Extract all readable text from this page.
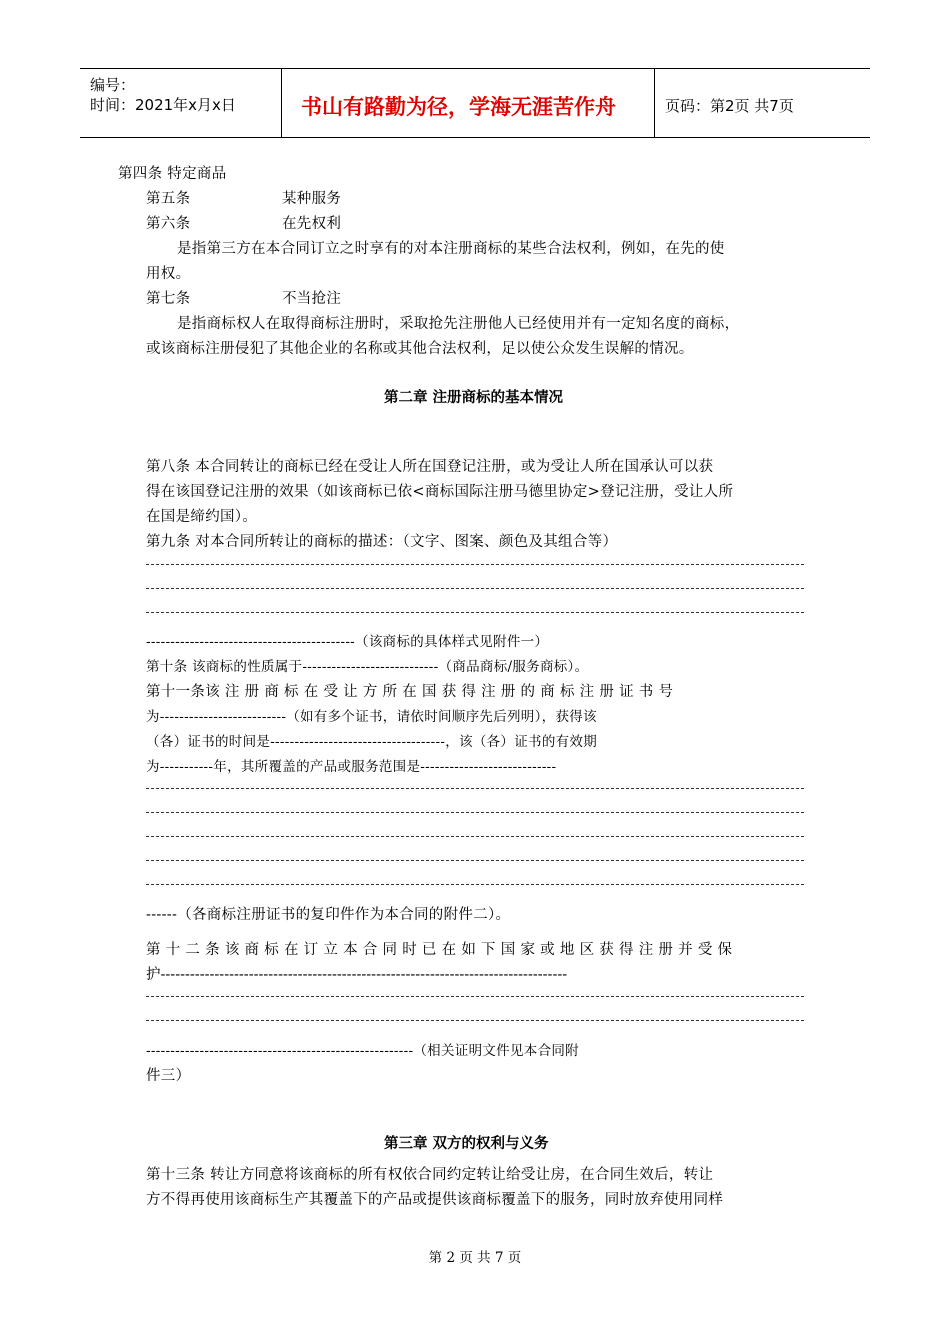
编号：
时间：2021年x月x日	书山有路勤为径，学海无涯苦作舟	页码：第2页 共7页
第四条 特定商品
第五条	某种服务
第六条	在先权利
是指第三方在本合同订立之时享有的对本注册商标的某些合法权利，例如，在先的使
用权。
第七条	不当抢注
是指商标权人在取得商标注册时，采取抢先注册他人已经使用并有一定知名度的商标，
或该商标注册侵犯了其他企业的名称或其他合法权利，足以使公众发生误解的情况。
第二章 注册商标的基本情况
第八条 本合同转让的商标已经在受让人所在国登记注册，或为受让人所在国承认可以获
得在该国登记注册的效果（如该商标已依<商标国际注册马德里协定>登记注册，受让人所
在国是缔约国）。
第九条 对本合同所转让的商标的描述：（文字、图案、颜色及其组合等）
-------------------------------------------（该商标的具体样式见附件一）
第十条 该商标的性质属于----------------------------（商品商标/服务商标）。
第十一条该 注 册 商 标 在 受 让 方 所 在 国 获 得 注 册 的 商 标 注 册 证 书 号
为--------------------------（如有多个证书，请依时间顺序先后列明），获得该
（各）证书的时间是------------------------------------，该（各）证书的有效期
为-----------年，其所覆盖的产品或服务范围是----------------------------
------（各商标注册证书的复印件作为本合同的附件二）。
第 十 二 条 该 商 标 在 订 立 本 合 同 时 已 在 如 下 国 家 或 地 区 获 得 注 册 并 受 保
护-----------------------------------------------------------------------------------
-------------------------------------------------------（相关证明文件见本合同附
件三）
第三章 双方的权利与义务
第十三条 转让方同意将该商标的所有权依合同约定转让给受让房，在合同生效后，转让
方不得再使用该商标生产其覆盖下的产品或提供该商标覆盖下的服务，同时放弃使用同样
第 2 页 共 7 页
